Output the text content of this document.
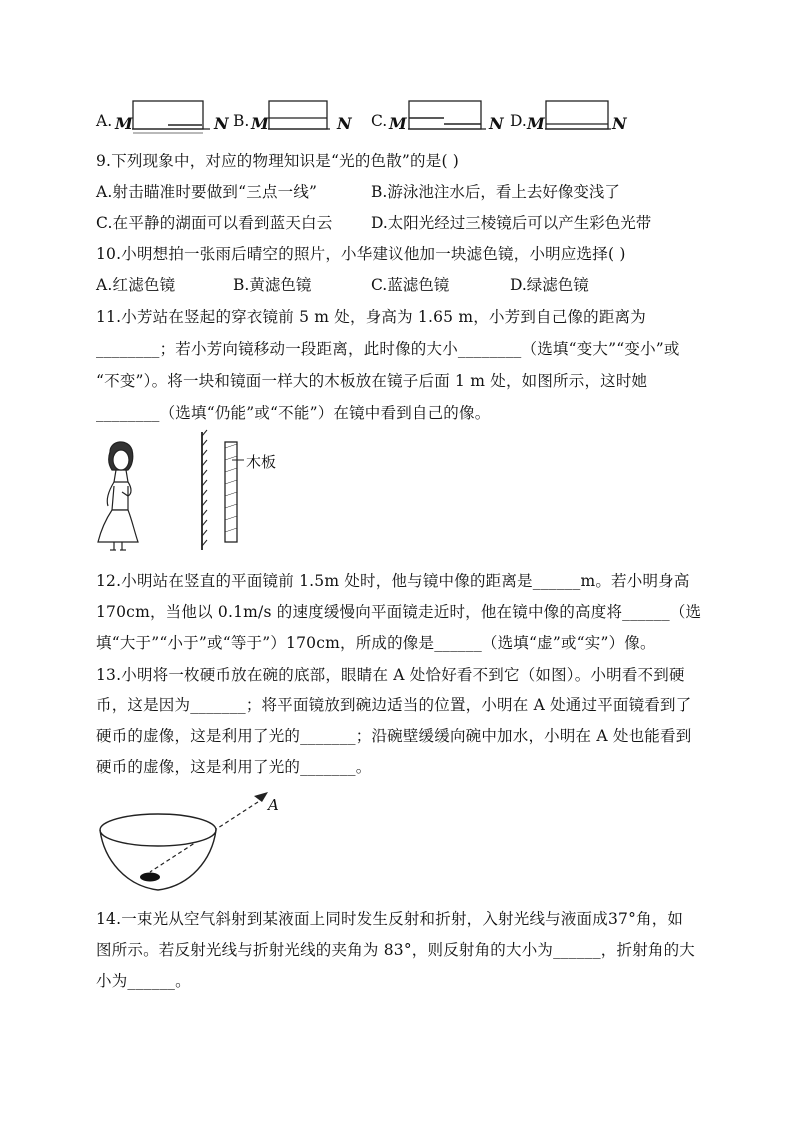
A. M	N B. M	N C. M	N D. M	N
9.下列现象中，对应的物理知识是“光的色散”的是( )
A.射击瞄准时要做到“三点一线”	B.游泳池注水后，看上去好像变浅了
C.在平静的湖面可以看到蓝天白云 D.太阳光经过三棱镜后可以产生彩色光带
10.小明想拍一张雨后晴空的照片，小华建议他加一块滤色镜，小明应选择( )
A.红滤色镜	B.黄滤色镜	C.蓝滤色镜	D.绿滤色镜
11.小芳站在竖起的穿衣镜前 5 m 处，身高为 1.65 m，小芳到自己像的距离为
________；若小芳向镜移动一段距离，此时像的大小________（选填“变大”“变小”或
“不变”）。将一块和镜面一样大的木板放在镜子后面 1 m 处，如图所示，这时她
________（选填“仍能”或“不能”）在镜中看到自己的像。
木板
12.小明站在竖直的平面镜前 1.5m 处时，他与镜中像的距离是______m。若小明身高
170cm，当他以 0.1m/s 的速度缓慢向平面镜走近时，他在镜中像的高度将______（选
填“大于”“小于”或“等于”）170cm，所成的像是______（选填“虚”或“实”）像。
13.小明将一枚硬币放在碗的底部，眼睛在 A 处恰好看不到它（如图）。小明看不到硬
币，这是因为_______；将平面镜放到碗边适当的位置，小明在 A 处通过平面镜看到了
硬币的虚像，这是利用了光的_______；沿碗壁缓缓向碗中加水，小明在 A 处也能看到
硬币的虚像，这是利用了光的_______。
A
14.一束光从空气斜射到某液面上同时发生反射和折射，入射光线与液面成37°角，如
图所示。若反射光线与折射光线的夹角为 83°，则反射角的大小为______，折射角的大
小为______。
